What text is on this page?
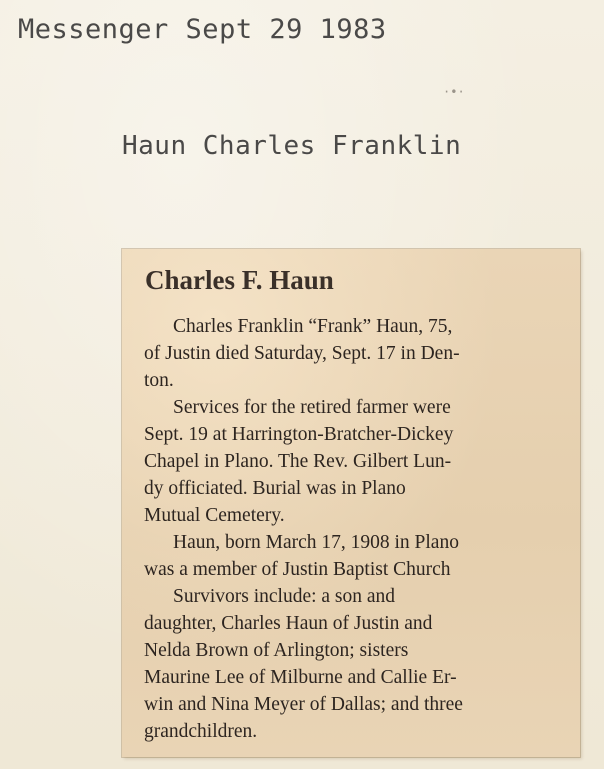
Messenger Sept 29 1983
·•·
Haun Charles Franklin
Charles F. Haun
Charles Franklin “Frank” Haun, 75,
of Justin died Saturday, Sept. 17 in Den-
ton.
Services for the retired farmer were
Sept. 19 at Harrington-Bratcher-Dickey
Chapel in Plano. The Rev. Gilbert Lun-
dy officiated. Burial was in Plano
Mutual Cemetery.
Haun, born March 17, 1908 in Plano
was a member of Justin Baptist Church
Survivors include: a son and
daughter, Charles Haun of Justin and
Nelda Brown of Arlington; sisters
Maurine Lee of Milburne and Callie Er-
win and Nina Meyer of Dallas; and three
grandchildren.
